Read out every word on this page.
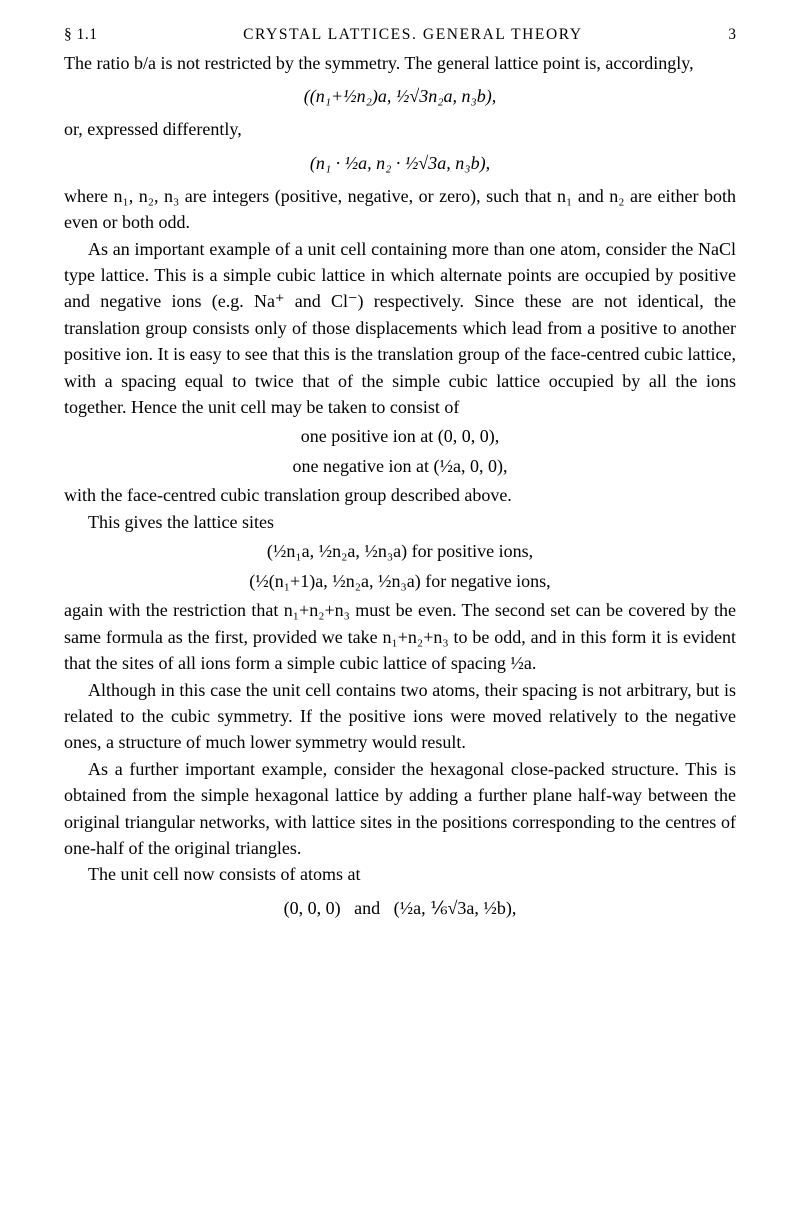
§ 1.1	CRYSTAL LATTICES. GENERAL THEORY	3

The ratio b/a is not restricted by the symmetry. The general lattice point is, accordingly,

((n₁+½n₂)a, ½√3n₂a, n₃b),

or, expressed differently,

(n₁ · ½a, n₂ · ½√3a, n₃b),

where n₁, n₂, n₃ are integers (positive, negative, or zero), such that n₁ and n₂ are either both even or both odd.

As an important example of a unit cell containing more than one atom, consider the NaCl type lattice. This is a simple cubic lattice in which alternate points are occupied by positive and negative ions (e.g. Na⁺ and Cl⁻) respectively. Since these are not identical, the translation group consists only of those displacements which lead from a positive to another positive ion. It is easy to see that this is the translation group of the face-centred cubic lattice, with a spacing equal to twice that of the simple cubic lattice occupied by all the ions together. Hence the unit cell may be taken to consist of

one positive ion at (0, 0, 0),
one negative ion at (½a, 0, 0),

with the face-centred cubic translation group described above.

This gives the lattice sites

(½n₁a, ½n₂a, ½n₃a) for positive ions,
(½(n₁+1)a, ½n₂a, ½n₃a) for negative ions,

again with the restriction that n₁+n₂+n₃ must be even. The second set can be covered by the same formula as the first, provided we take n₁+n₂+n₃ to be odd, and in this form it is evident that the sites of all ions form a simple cubic lattice of spacing ½a.

Although in this case the unit cell contains two atoms, their spacing is not arbitrary, but is related to the cubic symmetry. If the positive ions were moved relatively to the negative ones, a structure of much lower symmetry would result.

As a further important example, consider the hexagonal close-packed structure. This is obtained from the simple hexagonal lattice by adding a further plane half-way between the original triangular networks, with lattice sites in the positions corresponding to the centres of one-half of the original triangles.

The unit cell now consists of atoms at

(0, 0, 0)   and   (½a, ⅙√3a, ½b),
